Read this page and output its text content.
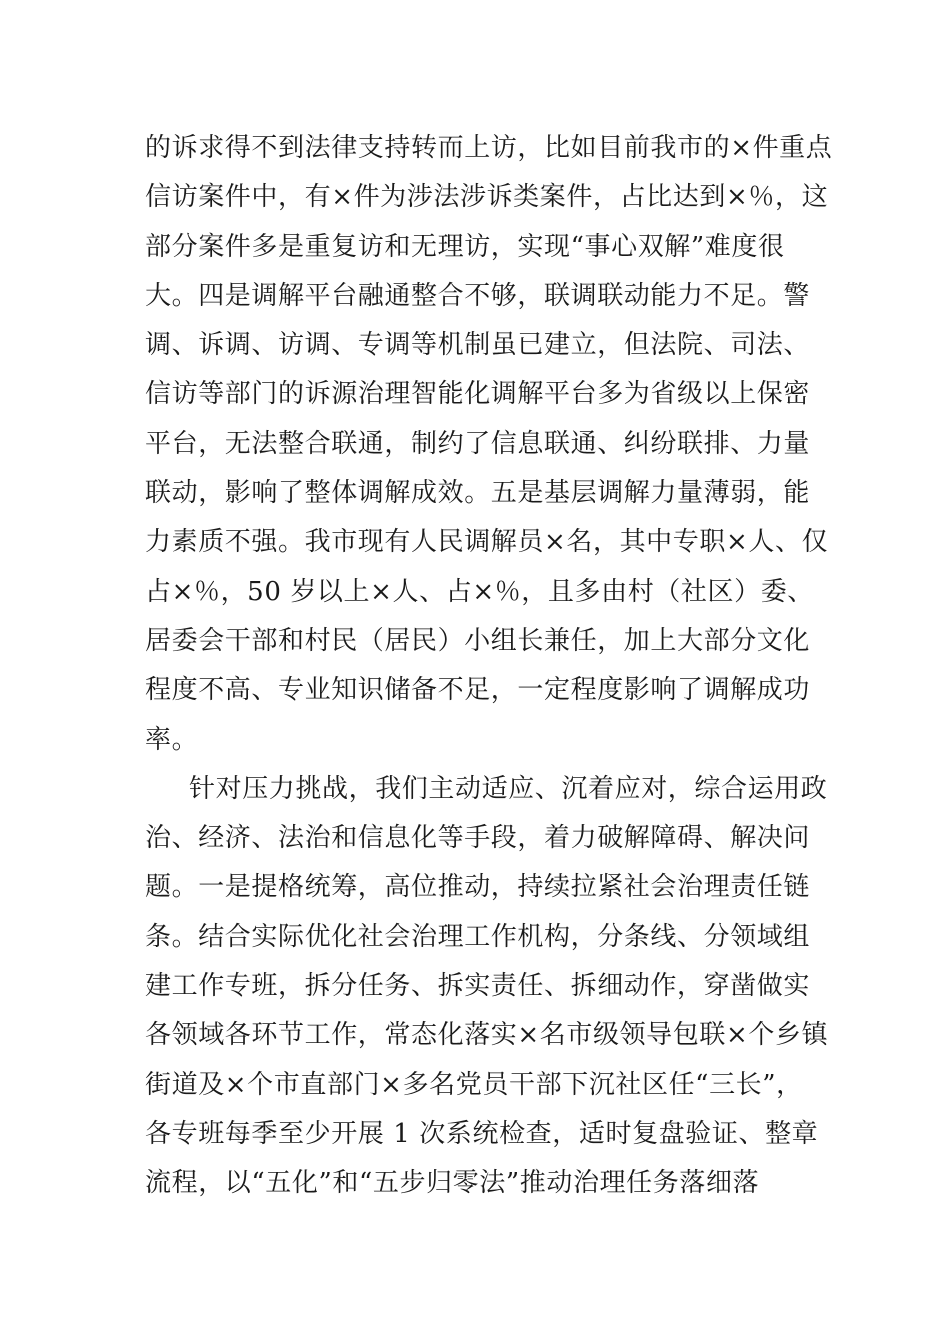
的诉求得不到法律支持转而上访，比如目前我市的×件重点
信访案件中，有×件为涉法涉诉类案件，占比达到×％，这
部分案件多是重复访和无理访，实现“事心双解”难度很
大。四是调解平台融通整合不够，联调联动能力不足。警
调、诉调、访调、专调等机制虽已建立，但法院、司法、
信访等部门的诉源治理智能化调解平台多为省级以上保密
平台，无法整合联通，制约了信息联通、纠纷联排、力量
联动，影响了整体调解成效。五是基层调解力量薄弱，能
力素质不强。我市现有人民调解员×名，其中专职×人、仅
占×％，50 岁以上×人、占×％，且多由村（社区）委、
居委会干部和村民（居民）小组长兼任，加上大部分文化
程度不高、专业知识储备不足，一定程度影响了调解成功
率。
针对压力挑战，我们主动适应、沉着应对，综合运用政
治、经济、法治和信息化等手段，着力破解障碍、解决问
题。一是提格统筹，高位推动，持续拉紧社会治理责任链
条。结合实际优化社会治理工作机构，分条线、分领域组
建工作专班，拆分任务、拆实责任、拆细动作，穿凿做实
各领域各环节工作，常态化落实×名市级领导包联×个乡镇
街道及×个市直部门×多名党员干部下沉社区任“三长”，
各专班每季至少开展 1 次系统检查，适时复盘验证、整章
流程，以“五化”和“五步归零法”推动治理任务落细落
